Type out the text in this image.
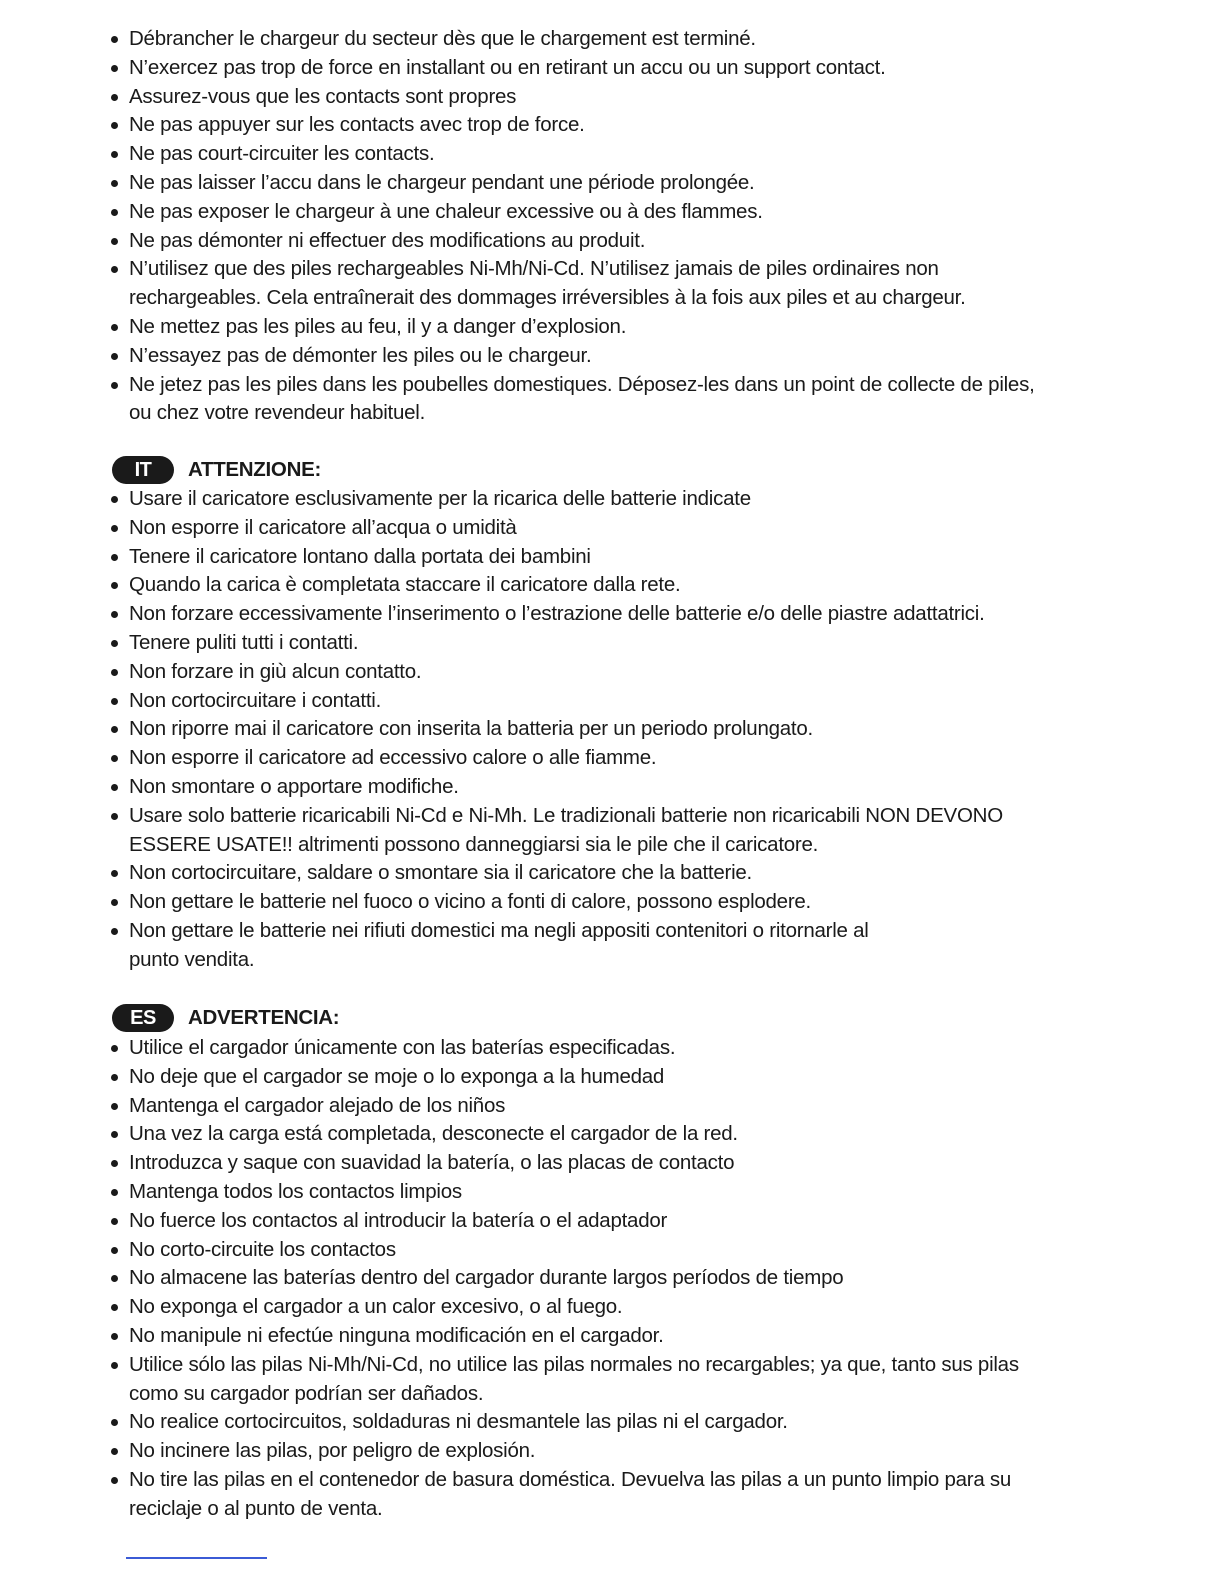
Débrancher le chargeur du secteur dès que le chargement est terminé.
N’exercez pas trop de force en installant ou en retirant un accu ou un support contact.
Assurez-vous que les contacts sont propres
Ne pas appuyer sur les contacts avec trop de force.
Ne pas court-circuiter les contacts.
Ne pas laisser l’accu dans le chargeur pendant une période prolongée.
Ne pas exposer le chargeur à une chaleur excessive ou à des flammes.
Ne pas démonter ni effectuer des modifications au produit.
N’utilisez que des piles rechargeables Ni-Mh/Ni-Cd. N’utilisez jamais de piles ordinaires non
rechargeables. Cela entraînerait des dommages irréversibles à la fois aux piles et au chargeur.
Ne mettez pas les piles au feu, il y a danger d’explosion.
N’essayez pas de démonter les piles ou le chargeur.
Ne jetez pas les piles dans les poubelles domestiques. Déposez-les dans un point de collecte de piles,
ou chez votre revendeur habituel.
IT	ATTENZIONE:
Usare il caricatore esclusivamente per la ricarica delle batterie indicate
Non esporre il caricatore all’acqua o umidità
Tenere il caricatore lontano dalla portata dei bambini
Quando la carica è completata staccare il caricatore dalla rete.
Non forzare eccessivamente l’inserimento o l’estrazione delle batterie e/o delle piastre adattatrici.
Tenere puliti tutti i contatti.
Non forzare in giù alcun contatto.
Non cortocircuitare i contatti.
Non riporre mai il caricatore con inserita la batteria per un periodo prolungato.
Non esporre il caricatore ad eccessivo calore o alle fiamme.
Non smontare o apportare modifiche.
Usare solo batterie ricaricabili Ni-Cd e Ni-Mh. Le tradizionali batterie non ricaricabili NON DEVONO
ESSERE USATE!! altrimenti possono danneggiarsi sia le pile che il caricatore.
Non cortocircuitare, saldare o smontare sia il caricatore che la batterie.
Non gettare le batterie nel fuoco o vicino a fonti di calore, possono esplodere.
Non gettare le batterie nei rifiuti domestici ma negli appositi contenitori o ritornarle al
punto vendita.
ES	ADVERTENCIA:
Utilice el cargador únicamente con las baterías especificadas.
No deje que el cargador se moje o lo exponga a la humedad
Mantenga el cargador alejado de los niños
Una vez la carga está completada, desconecte el cargador de la red.
Introduzca y saque con suavidad la batería, o las placas de contacto
Mantenga todos los contactos limpios
No fuerce los contactos al introducir la batería o el adaptador
No corto-circuite los contactos
No almacene las baterías dentro del cargador durante largos períodos de tiempo
No exponga el cargador a un calor excesivo, o al fuego.
No manipule ni efectúe ninguna modificación en el cargador.
Utilice sólo las pilas Ni-Mh/Ni-Cd, no utilice las pilas normales no recargables; ya que, tanto sus pilas
como su cargador podrían ser dañados.
No realice cortocircuitos, soldaduras ni desmantele las pilas ni el cargador.
No incinere las pilas, por peligro de explosión.
No tire las pilas en el contenedor de basura doméstica. Devuelva las pilas a un punto limpio para su
reciclaje o al punto de venta.
